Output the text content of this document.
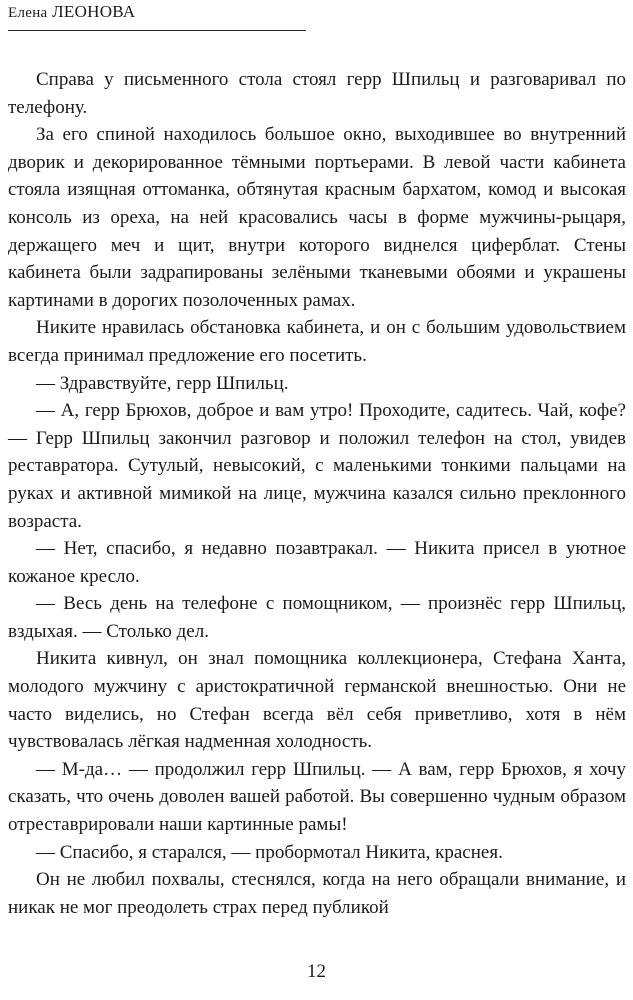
Елена ЛЕОНОВА

Справа у письменного стола стоял герр Шпильц и разговаривал по телефону.

За его спиной находилось большое окно, выходившее во внутренний дворик и декорированное тёмными портьерами. В левой части кабинета стояла изящная оттоманка, обтянутая красным бархатом, комод и высокая консоль из ореха, на ней красовались часы в форме мужчины-рыцаря, держащего меч и щит, внутри которого виднелся циферблат. Стены кабинета были задрапированы зелёными тканевыми обоями и украшены картинами в дорогих позолоченных рамах.

Никите нравилась обстановка кабинета, и он с большим удовольствием всегда принимал предложение его посетить.

— Здравствуйте, герр Шпильц.

— А, герр Брюхов, доброе и вам утро! Проходите, садитесь. Чай, кофе? — Герр Шпильц закончил разговор и положил телефон на стол, увидев реставратора. Сутулый, невысокий, с маленькими тонкими пальцами на руках и активной мимикой на лице, мужчина казался сильно преклонного возраста.

— Нет, спасибо, я недавно позавтракал. — Никита присел в уютное кожаное кресло.

— Весь день на телефоне с помощником, — произнёс герр Шпильц, вздыхая. — Столько дел.

Никита кивнул, он знал помощника коллекционера, Стефана Ханта, молодого мужчину с аристократичной германской внешностью. Они не часто виделись, но Стефан всегда вёл себя приветливо, хотя в нём чувствовалась лёгкая надменная холодность.

— М-да… — продолжил герр Шпильц. — А вам, герр Брюхов, я хочу сказать, что очень доволен вашей работой. Вы совершенно чудным образом отреставрировали наши картинные рамы!

— Спасибо, я старался, — пробормотал Никита, краснея.

Он не любил похвалы, стеснялся, когда на него обращали внимание, и никак не мог преодолеть страх перед публикой

12
